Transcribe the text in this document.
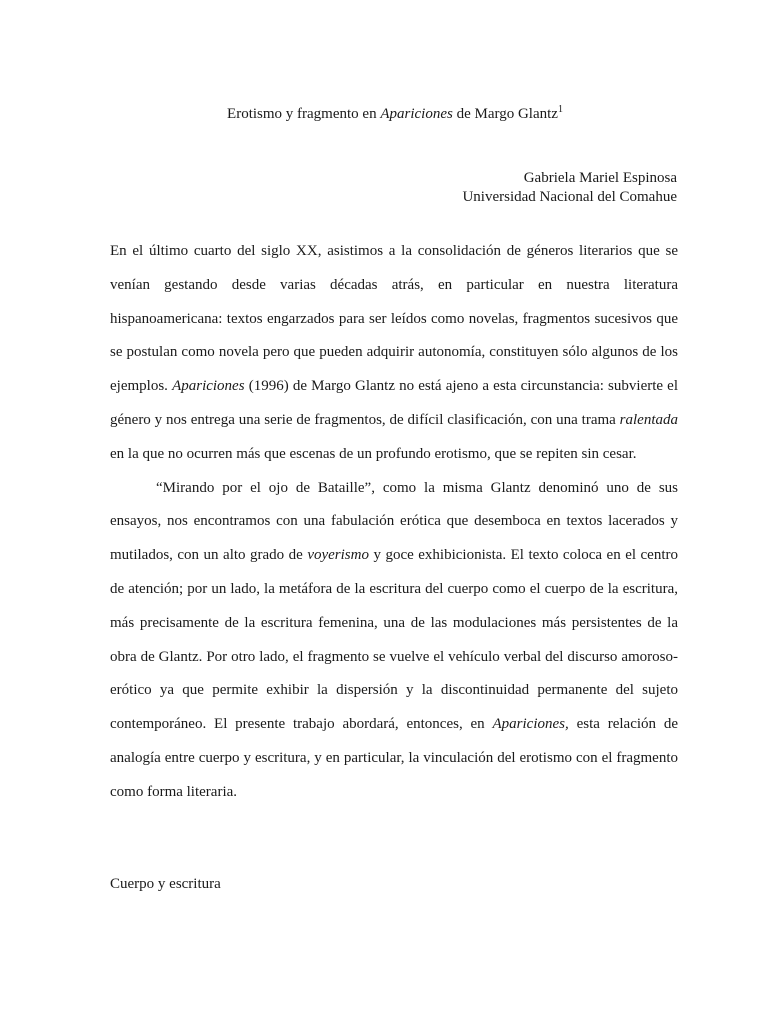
Erotismo y fragmento en Apariciones de Margo Glantz$^1$
Gabriela Mariel Espinosa
Universidad Nacional del Comahue

En el último cuarto del siglo XX, asistimos a la consolidación de géneros literarios que se venían gestando desde varias décadas atrás, en particular en nuestra literatura hispanoamericana: textos engarzados para ser leídos como novelas, fragmentos sucesivos que se postulan como novela pero que pueden adquirir autonomía, constituyen sólo algunos de los ejemplos. Apariciones (1996) de Margo Glantz no está ajeno a esta circunstancia: subvierte el género y nos entrega una serie de fragmentos, de difícil clasificación, con una trama ralentada en la que no ocurren más que escenas de un profundo erotismo, que se repiten sin cesar.

“Mirando por el ojo de Bataille”, como la misma Glantz denominó uno de sus ensayos, nos encontramos con una fabulación erótica que desemboca en textos lacerados y mutilados, con un alto grado de voyerismo y goce exhibicionista. El texto coloca en el centro de atención; por un lado, la metáfora de la escritura del cuerpo como el cuerpo de la escritura, más precisamente de la escritura femenina, una de las modulaciones más persistentes de la obra de Glantz. Por otro lado, el fragmento se vuelve el vehículo verbal del discurso amoroso-erótico ya que permite exhibir la dispersión y la discontinuidad permanente del sujeto contemporáneo. El presente trabajo abordará, entonces, en Apariciones, esta relación de analogía entre cuerpo y escritura, y en particular, la vinculación del erotismo con el fragmento como forma literaria.

Cuerpo y escritura
